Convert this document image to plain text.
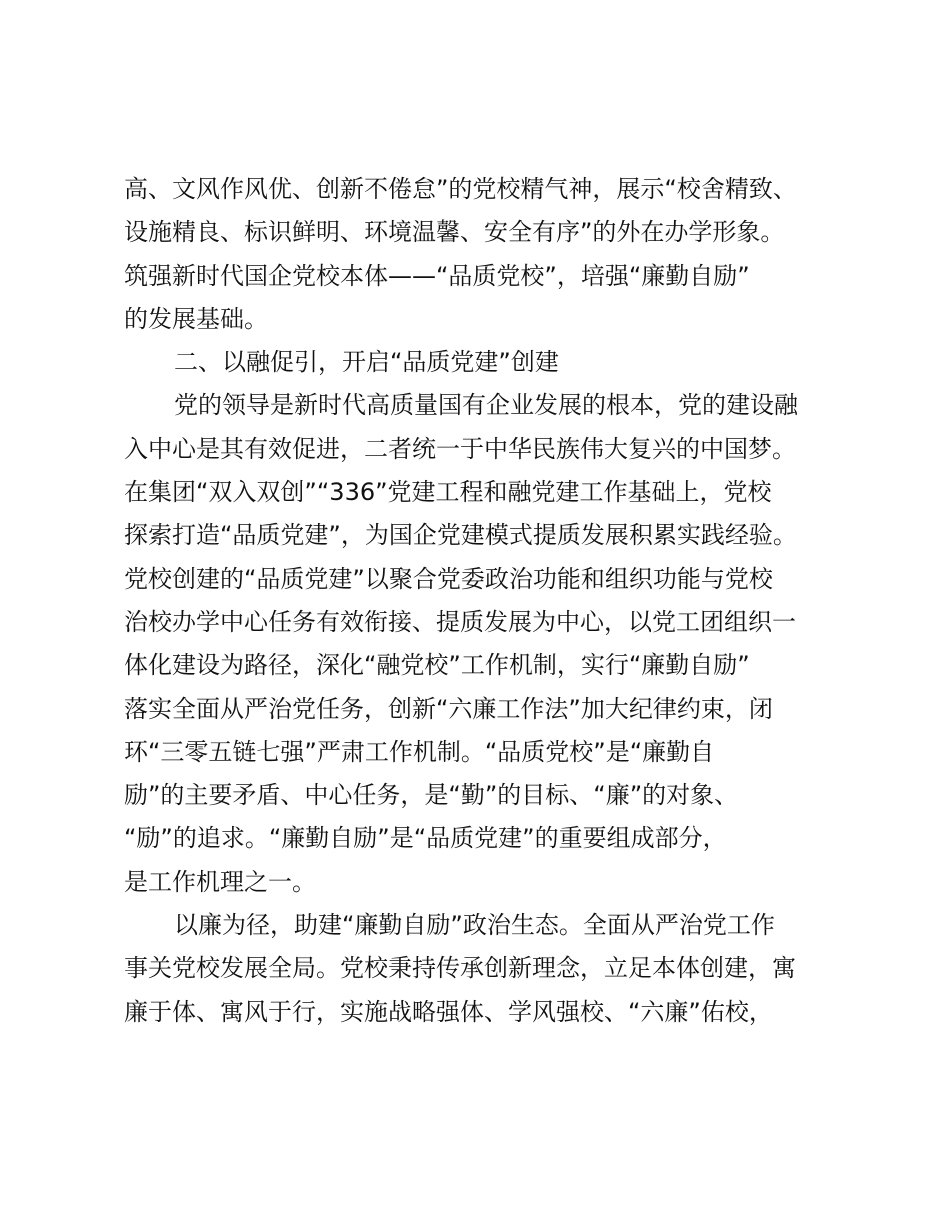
高、文风作风优、创新不倦怠”的党校精气神，展示“校舍精致、
设施精良、标识鲜明、环境温馨、安全有序”的外在办学形象。
筑强新时代国企党校本体——“品质党校”，培强“廉勤自励”
的发展基础。
二、以融促引，开启“品质党建”创建
党的领导是新时代高质量国有企业发展的根本，党的建设融
入中心是其有效促进，二者统一于中华民族伟大复兴的中国梦。
在集团“双入双创”“336”党建工程和融党建工作基础上，党校
探索打造“品质党建”，为国企党建模式提质发展积累实践经验。
党校创建的“品质党建”以聚合党委政治功能和组织功能与党校
治校办学中心任务有效衔接、提质发展为中心，以党工团组织一
体化建设为路径，深化“融党校”工作机制，实行“廉勤自励”
落实全面从严治党任务，创新“六廉工作法”加大纪律约束，闭
环“三零五链七强”严肃工作机制。“品质党校”是“廉勤自
励”的主要矛盾、中心任务，是“勤”的目标、“廉”的对象、
“励”的追求。“廉勤自励”是“品质党建”的重要组成部分，
是工作机理之一。
以廉为径，助建“廉勤自励”政治生态。全面从严治党工作
事关党校发展全局。党校秉持传承创新理念，立足本体创建，寓
廉于体、寓风于行，实施战略强体、学风强校、“六廉”佑校，
